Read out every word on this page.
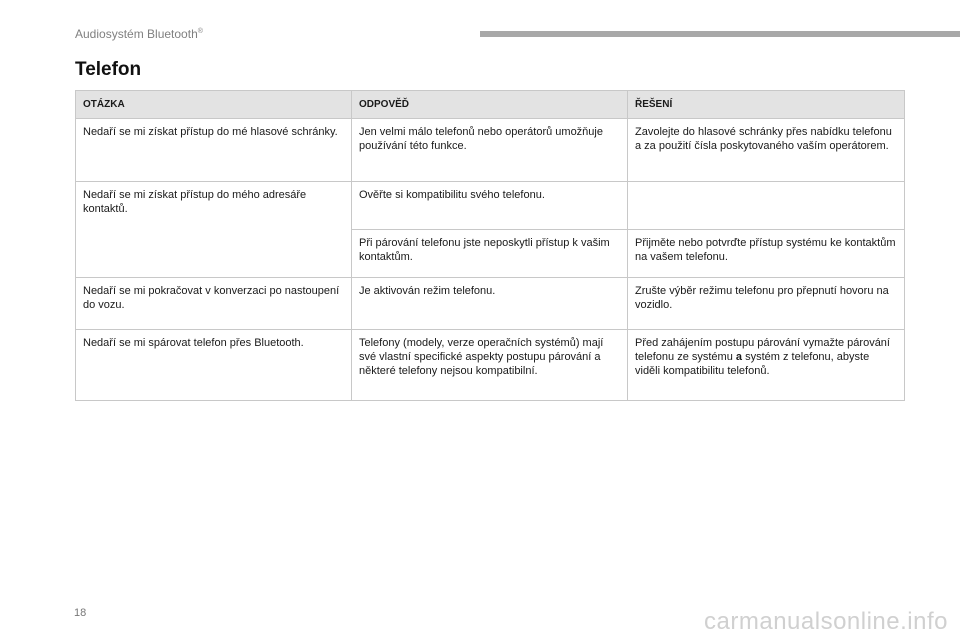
Audiosystém Bluetooth®
Telefon
OTÁZKA	ODPOVĚĎ	ŘEŠENÍ
Nedaří se mi získat přístup do mé hlasové schránky.	Jen velmi málo telefonů nebo operátorů umožňuje používání této funkce.	Zavolejte do hlasové schránky přes nabídku telefonu a za použití čísla poskytovaného vaším operátorem.
Nedaří se mi získat přístup do mého adresáře kontaktů.	Ověřte si kompatibilitu svého telefonu.	
	Při párování telefonu jste neposkytli přístup k vašim kontaktům.	Přijměte nebo potvrďte přístup systému ke kontaktům na vašem telefonu.
Nedaří se mi pokračovat v konverzaci po nastoupení do vozu.	Je aktivován režim telefonu.	Zrušte výběr režimu telefonu pro přepnutí hovoru na vozidlo.
Nedaří se mi spárovat telefon přes Bluetooth.	Telefony (modely, verze operačních systémů) mají své vlastní specifické aspekty postupu párování a některé telefony nejsou kompatibilní.	Před zahájením postupu párování vymažte párování telefonu ze systému a systém z telefonu, abyste viděli kompatibilitu telefonů.
18	carmanualsonline.info
